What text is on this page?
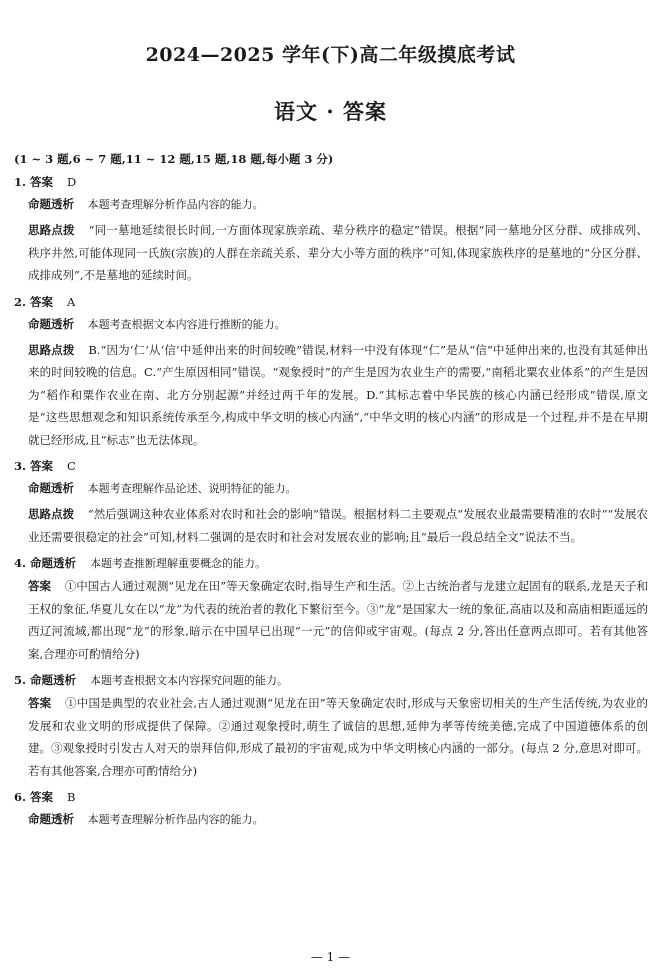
2024—2025 学年(下)高二年级摸底考试
语文 · 答案
(1 ~ 3 题,6 ~ 7 题,11 ~ 12 题,15 题,18 题,每小题 3 分)
1. 答案 D
命题透析 本题考查理解分析作品内容的能力。
思路点拨 “同一墓地延续很长时间,一方面体现家族亲疏、辈分秩序的稳定”错误。根据“同一墓地分区分群、成排成列、秩序井然,可能体现同一氏族(宗族)的人群在亲疏关系、辈分大小等方面的秩序”可知,体现家族秩序的是墓地的“分区分群、成排成列”,不是墓地的延续时间。
2. 答案 A
命题透析 本题考查根据文本内容进行推断的能力。
思路点拨 B.“因为‘仁’从‘信’中延伸出来的时间较晚”错误,材料一中没有体现“仁”是从“信”中延伸出来的,也没有其延伸出来的时间较晚的信息。C.“产生原因相同”错误。“观象授时”的产生是因为农业生产的需要,“南稻北粟农业体系”的产生是因为“稻作和粟作农业在南、北方分别起源”并经过两千年的发展。D.“其标志着中华民族的核心内涵已经形成”错误,原文是“这些思想观念和知识系统传承至今,构成中华文明的核心内涵”,“中华文明的核心内涵”的形成是一个过程,并不是在早期就已经形成,且“标志”也无法体现。
3. 答案 C
命题透析 本题考查理解作品论述、说明特征的能力。
思路点拨 “然后强调这种农业体系对农时和社会的影响”错误。根据材料二主要观点“发展农业最需要精准的农时”“发展农业还需要很稳定的社会”可知,材料二强调的是农时和社会对发展农业的影响;且“最后一段总结全文”说法不当。
4. 命题透析 本题考查推断理解重要概念的能力。
答案 ①中国古人通过观测“见龙在田”等天象确定农时,指导生产和生活。②上古统治者与龙建立起固有的联系,龙是天子和王权的象征,华夏儿女在以“龙”为代表的统治者的教化下繁衍至今。③“龙”是国家大一统的象征,高庙以及和高庙相距遥远的西辽河流域,都出现“龙”的形象,暗示在中国早已出现“一元”的信仰或宇宙观。(每点 2 分,答出任意两点即可。若有其他答案,合理亦可酌情给分)
5. 命题透析 本题考查根据文本内容探究问题的能力。
答案 ①中国是典型的农业社会,古人通过观测“见龙在田”等天象确定农时,形成与天象密切相关的生产生活传统,为农业的发展和农业文明的形成提供了保障。②通过观象授时,萌生了诚信的思想,延伸为孝等传统美德,完成了中国道德体系的创建。③观象授时引发古人对天的崇拜信仰,形成了最初的宇宙观,成为中华文明核心内涵的一部分。(每点 2 分,意思对即可。若有其他答案,合理亦可酌情给分)
6. 答案 B
命题透析 本题考查理解分析作品内容的能力。
— 1 —
